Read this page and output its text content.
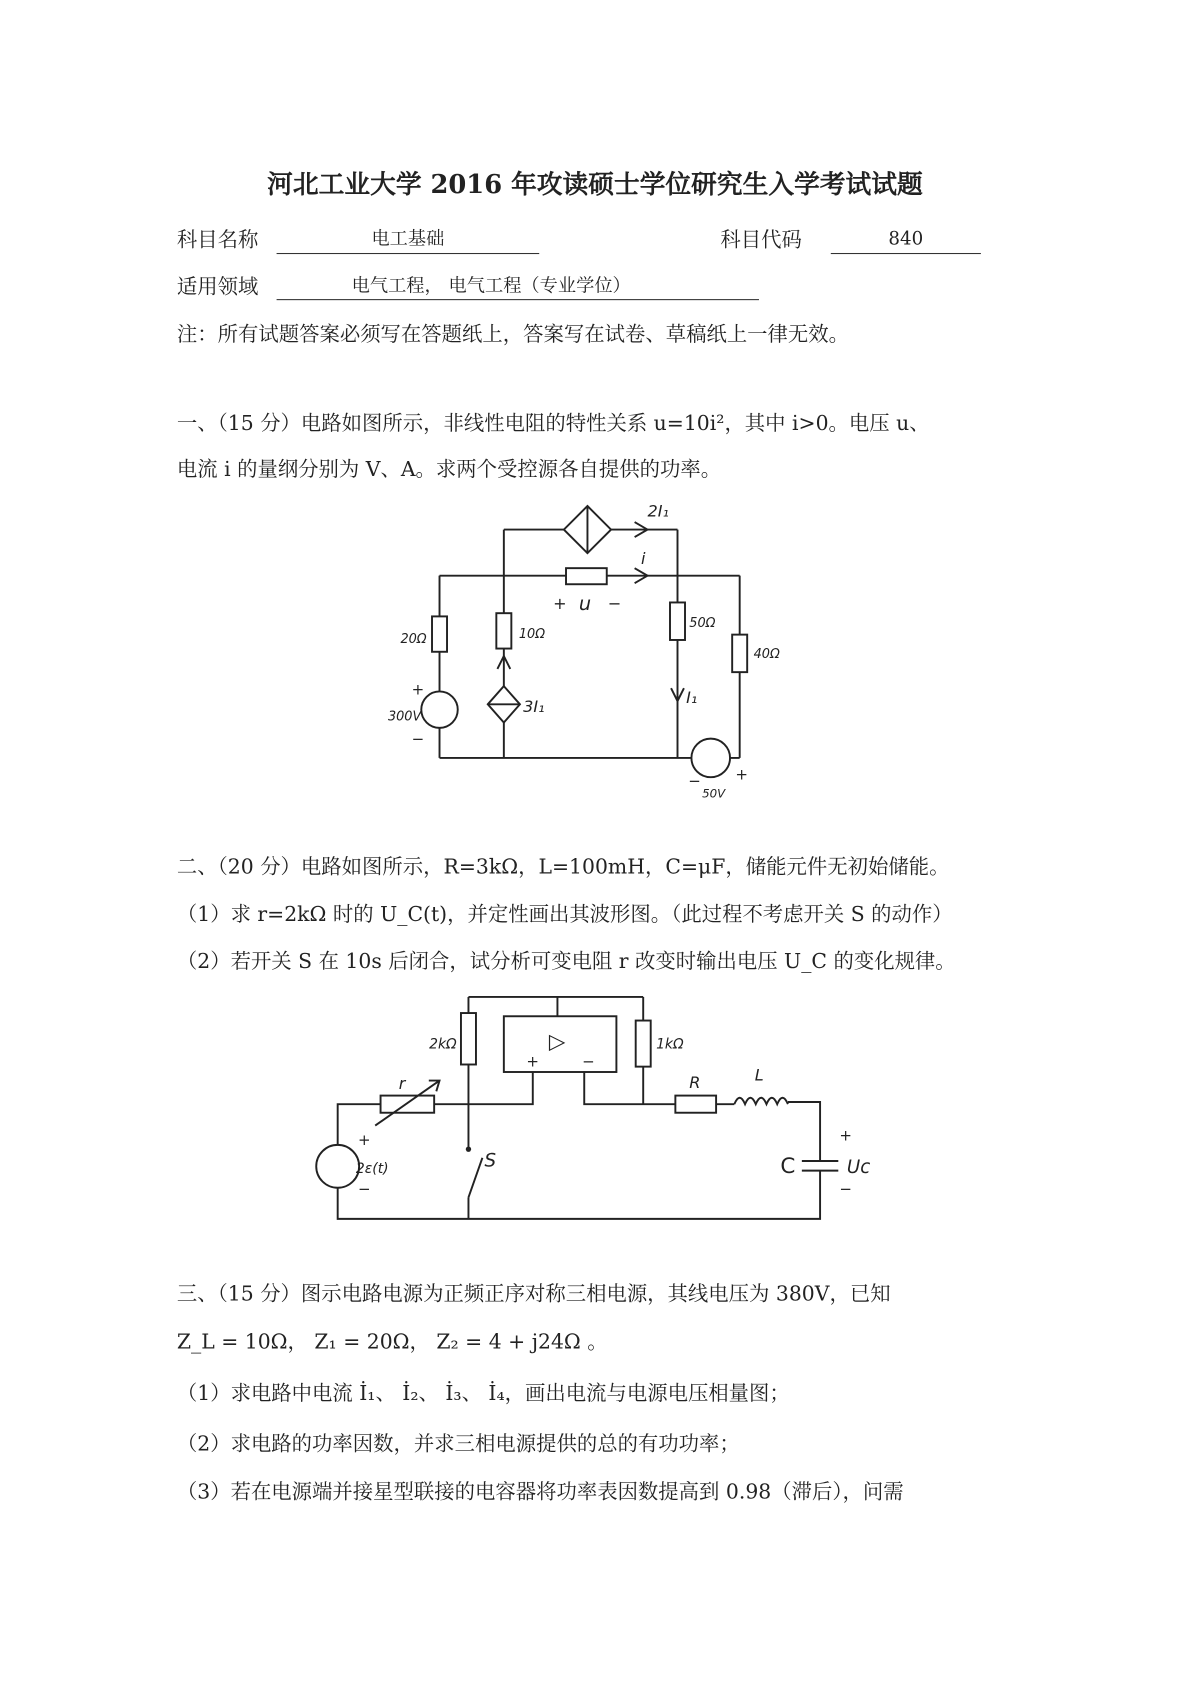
河北工业大学 2016 年攻读硕士学位研究生入学考试试题
科目名称	电工基础	科目代码	840
适用领域	电气工程， 电气工程（专业学位）
注：所有试题答案必须写在答题纸上，答案写在试卷、草稿纸上一律无效。
一、（15 分）电路如图所示，非线性电阻的特性关系 u=10i²，其中 i>0。电压 u、
电流 i 的量纲分别为 V、A。求两个受控源各自提供的功率。
二、（20 分）电路如图所示，R=3kΩ，L=100mH，C=μF，储能元件无初始储能。
（1）求 r=2kΩ 时的 U_C(t)，并定性画出其波形图。（此过程不考虑开关 S 的动作）
（2）若开关 S 在 10s 后闭合，试分析可变电阻 r 改变时输出电压 U_C 的变化规律。
三、（15 分）图示电路电源为正频正序对称三相电源，其线电压为 380V，已知
Z_L = 10Ω， Z₁ = 20Ω， Z₂ = 4 + j24Ω 。
（1）求电路中电流 İ₁、 İ₂、 İ₃、 İ₄，画出电流与电源电压相量图；
（2）求电路的功率因数，并求三相电源提供的总的有功功率；
（3）若在电源端并接星型联接的电容器将功率表因数提高到 0.98（滞后），问需
2I₁
i
+ u −
20Ω
+
300V
−
10Ω
3I₁
50Ω
I₁
40Ω
− +
50V
▷
+	−
2kΩ	1kΩ
r
+
2ε(t)
−
S
R	L
C
+
Uc
−
